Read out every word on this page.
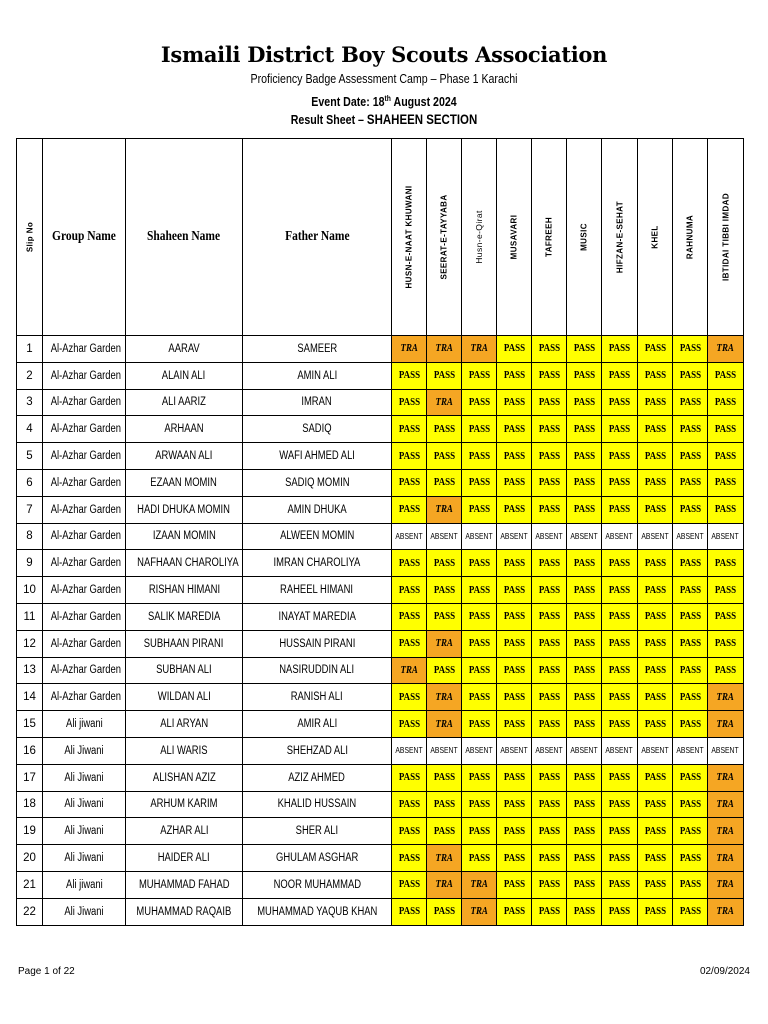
Ismaili District Boy Scouts Association
Proficiency Badge Assessment Camp – Phase 1 Karachi
Event Date: 18th August 2024
Result Sheet – SHAHEEN SECTION
Slip No	Group Name	Shaheen Name	Father Name	HUSN-E-NAAT KHUWANI	SEERAT-E-TAYYABA	Husn-e-Qirat	MUSAVARI	TAFREEH	MUSIC	HIFZAN-E-SEHAT	KHEL	RAHNUMA	IBTIDAI TIBBI IMDAD

1	Al-Azhar Garden	AARAV	SAMEER	TRA	TRA	TRA	PASS	PASS	PASS	PASS	PASS	PASS	TRA
2	Al-Azhar Garden	ALAIN ALI	AMIN ALI	PASS	PASS	PASS	PASS	PASS	PASS	PASS	PASS	PASS	PASS
3	Al-Azhar Garden	ALI AARIZ	IMRAN	PASS	TRA	PASS	PASS	PASS	PASS	PASS	PASS	PASS	PASS
4	Al-Azhar Garden	ARHAAN	SADIQ	PASS	PASS	PASS	PASS	PASS	PASS	PASS	PASS	PASS	PASS
5	Al-Azhar Garden	ARWAAN ALI	WAFI AHMED ALI	PASS	PASS	PASS	PASS	PASS	PASS	PASS	PASS	PASS	PASS
6	Al-Azhar Garden	EZAAN MOMIN	SADIQ MOMIN	PASS	PASS	PASS	PASS	PASS	PASS	PASS	PASS	PASS	PASS
7	Al-Azhar Garden	HADI DHUKA MOMIN	AMIN DHUKA	PASS	TRA	PASS	PASS	PASS	PASS	PASS	PASS	PASS	PASS
8	Al-Azhar Garden	IZAAN MOMIN	ALWEEN MOMIN	ABSENT	ABSENT	ABSENT	ABSENT	ABSENT	ABSENT	ABSENT	ABSENT	ABSENT	ABSENT
9	Al-Azhar Garden	NAFHAAN CHAROLIYA	IMRAN CHAROLIYA	PASS	PASS	PASS	PASS	PASS	PASS	PASS	PASS	PASS	PASS
10	Al-Azhar Garden	RISHAN HIMANI	RAHEEL HIMANI	PASS	PASS	PASS	PASS	PASS	PASS	PASS	PASS	PASS	PASS
11	Al-Azhar Garden	SALIK MAREDIA	INAYAT MAREDIA	PASS	PASS	PASS	PASS	PASS	PASS	PASS	PASS	PASS	PASS
12	Al-Azhar Garden	SUBHAAN PIRANI	HUSSAIN PIRANI	PASS	TRA	PASS	PASS	PASS	PASS	PASS	PASS	PASS	PASS
13	Al-Azhar Garden	SUBHAN ALI	NASIRUDDIN ALI	TRA	PASS	PASS	PASS	PASS	PASS	PASS	PASS	PASS	PASS
14	Al-Azhar Garden	WILDAN ALI	RANISH ALI	PASS	TRA	PASS	PASS	PASS	PASS	PASS	PASS	PASS	TRA
15	Ali jiwani	ALI ARYAN	AMIR ALI	PASS	TRA	PASS	PASS	PASS	PASS	PASS	PASS	PASS	TRA
16	Ali Jiwani	ALI WARIS	SHEHZAD ALI	ABSENT	ABSENT	ABSENT	ABSENT	ABSENT	ABSENT	ABSENT	ABSENT	ABSENT	ABSENT
17	Ali Jiwani	ALISHAN AZIZ	AZIZ AHMED	PASS	PASS	PASS	PASS	PASS	PASS	PASS	PASS	PASS	TRA
18	Ali Jiwani	ARHUM KARIM	KHALID HUSSAIN	PASS	PASS	PASS	PASS	PASS	PASS	PASS	PASS	PASS	TRA
19	Ali Jiwani	AZHAR ALI	SHER ALI	PASS	PASS	PASS	PASS	PASS	PASS	PASS	PASS	PASS	TRA
20	Ali Jiwani	HAIDER ALI	GHULAM ASGHAR	PASS	TRA	PASS	PASS	PASS	PASS	PASS	PASS	PASS	TRA
21	Ali jiwani	MUHAMMAD FAHAD	NOOR MUHAMMAD	PASS	TRA	TRA	PASS	PASS	PASS	PASS	PASS	PASS	TRA
22	Ali Jiwani	MUHAMMAD RAQAIB	MUHAMMAD YAQUB KHAN	PASS	PASS	TRA	PASS	PASS	PASS	PASS	PASS	PASS	TRA
Page 1 of 22	02/09/2024
